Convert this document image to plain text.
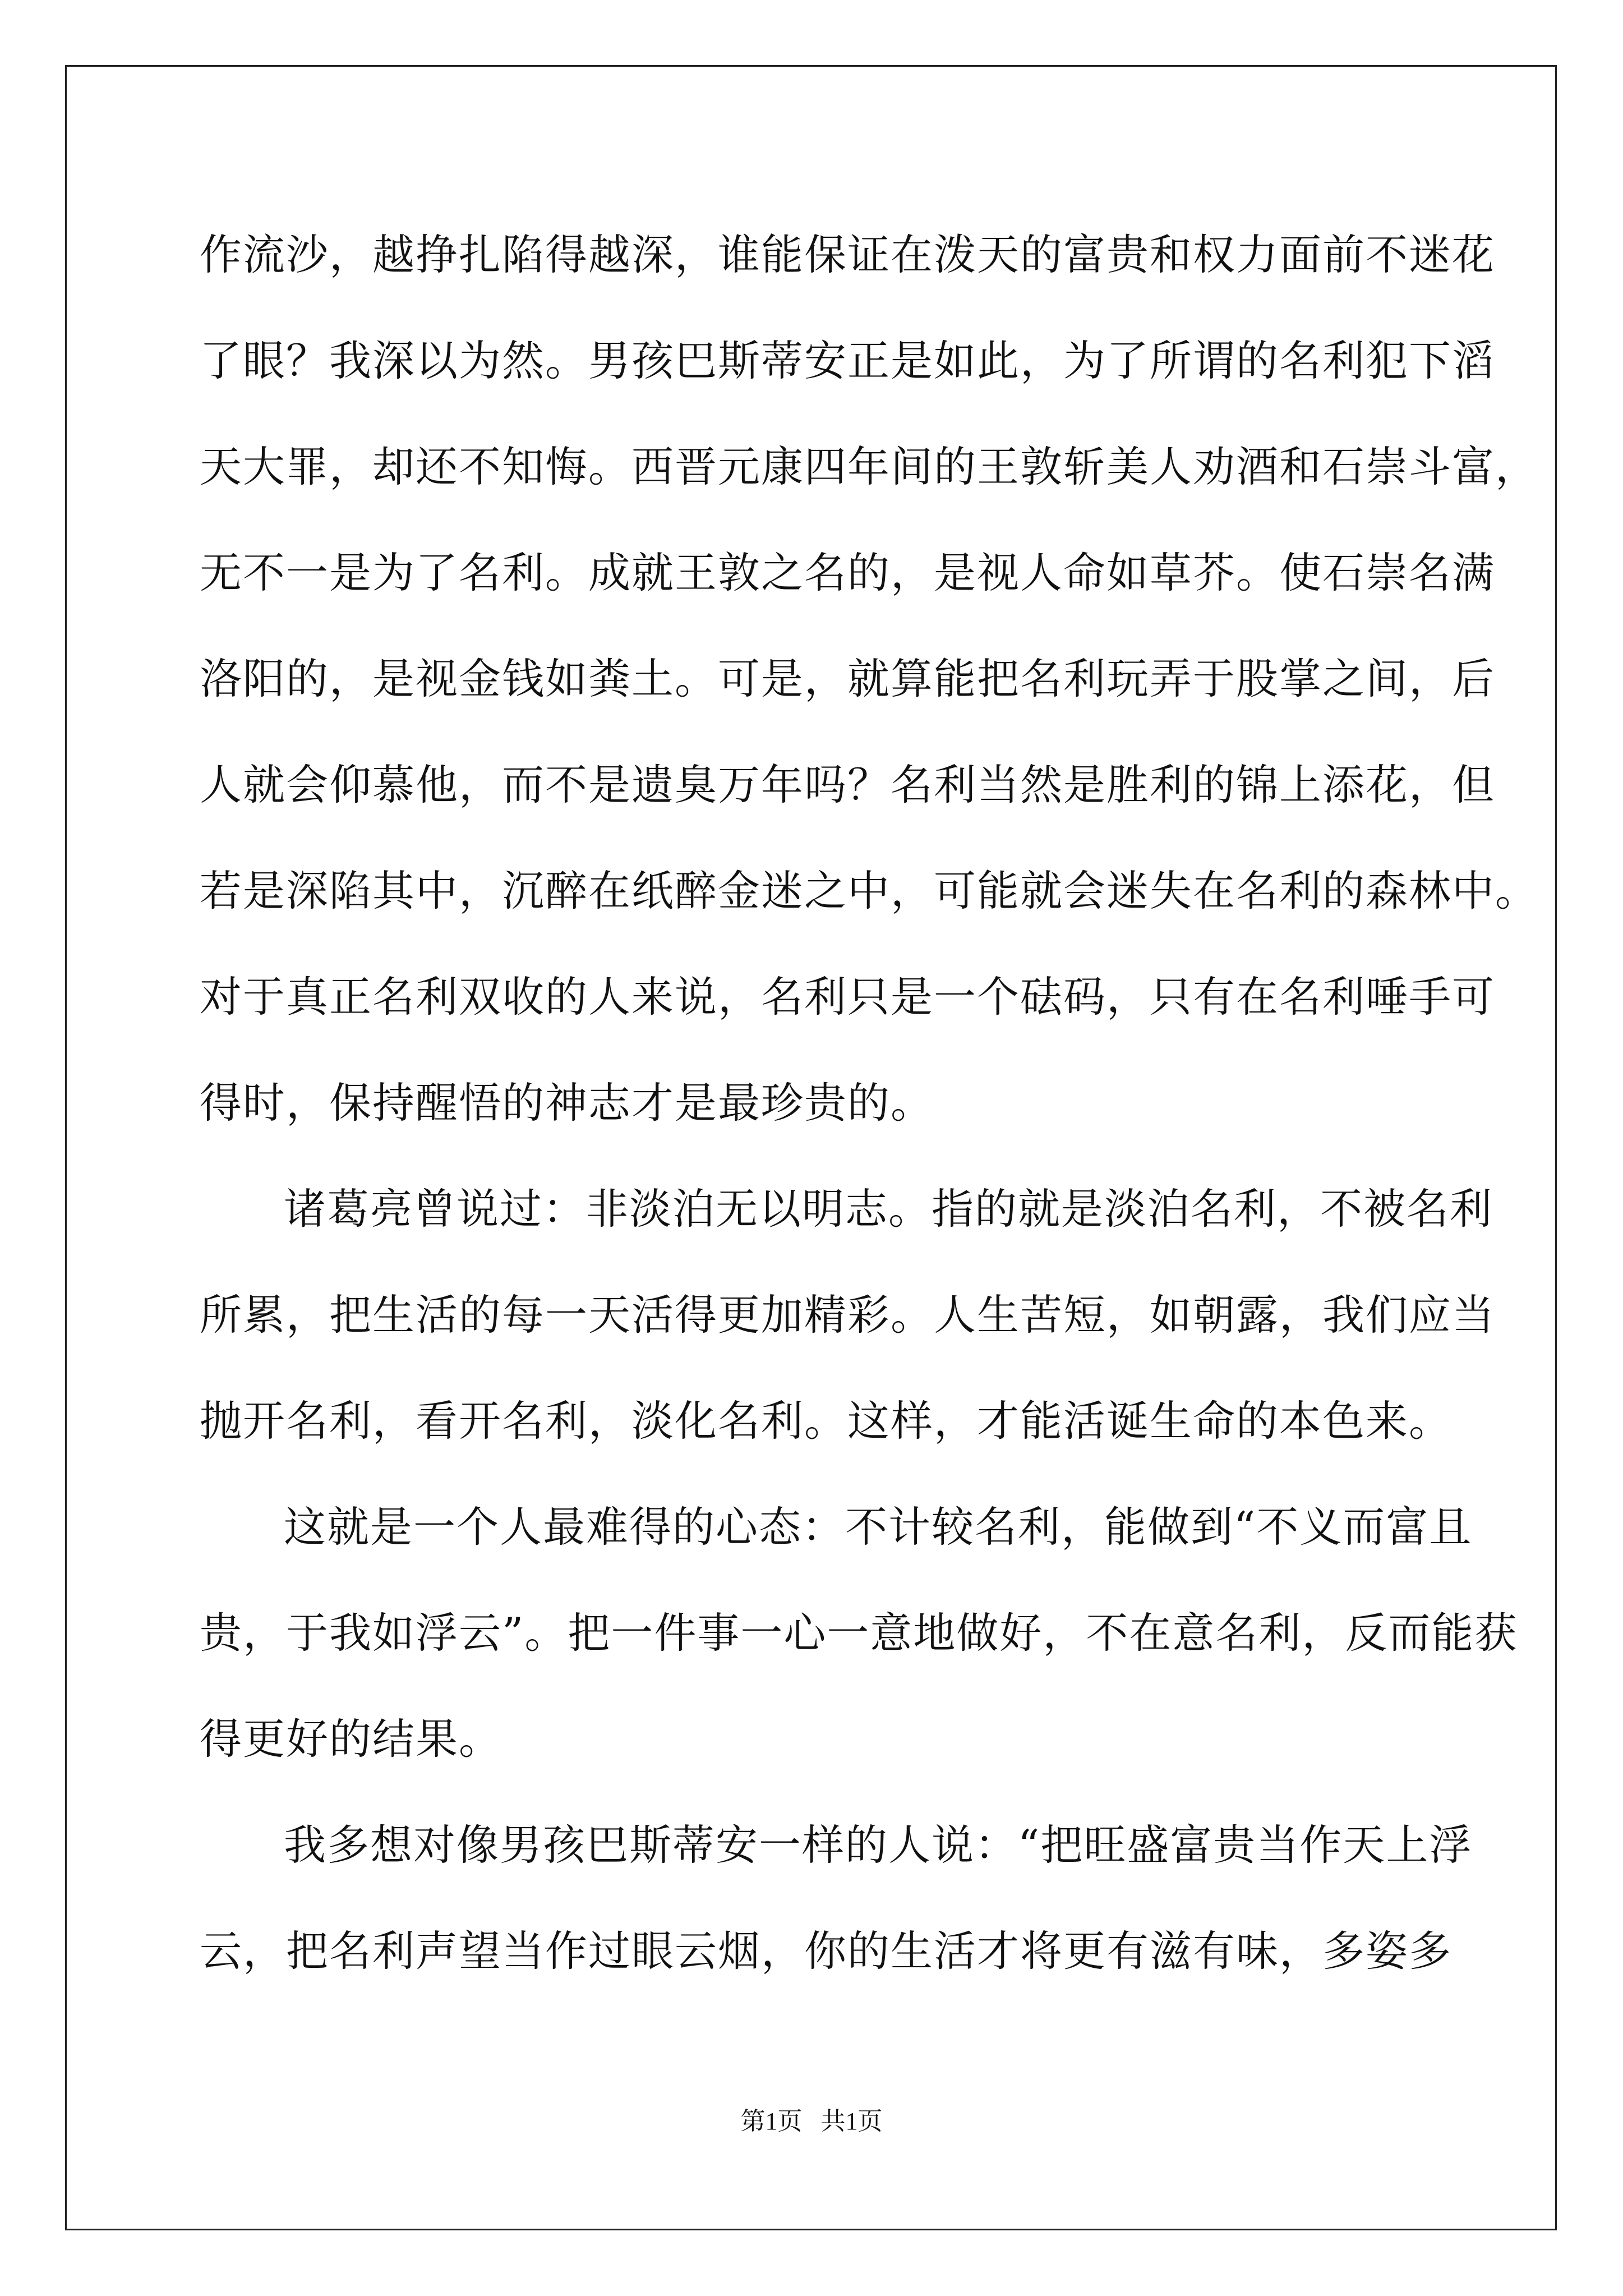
作流沙，越挣扎陷得越深，谁能保证在泼天的富贵和权力面前不迷花
了眼？我深以为然。男孩巴斯蒂安正是如此，为了所谓的名利犯下滔
天大罪，却还不知悔。西晋元康四年间的王敦斩美人劝酒和石崇斗富，
无不一是为了名利。成就王敦之名的，是视人命如草芥。使石崇名满
洛阳的，是视金钱如粪土。可是，就算能把名利玩弄于股掌之间，后
人就会仰慕他，而不是遗臭万年吗？名利当然是胜利的锦上添花，但
若是深陷其中，沉醉在纸醉金迷之中，可能就会迷失在名利的森林中。
对于真正名利双收的人来说，名利只是一个砝码，只有在名利唾手可
得时，保持醒悟的神志才是最珍贵的。
诸葛亮曾说过：非淡泊无以明志。指的就是淡泊名利，不被名利
所累，把生活的每一天活得更加精彩。人生苦短，如朝露，我们应当
抛开名利，看开名利，淡化名利。这样，才能活诞生命的本色来。
这就是一个人最难得的心态：不计较名利，能做到“不义而富且
贵，于我如浮云”。把一件事一心一意地做好，不在意名利，反而能获
得更好的结果。
我多想对像男孩巴斯蒂安一样的人说：“把旺盛富贵当作天上浮
云，把名利声望当作过眼云烟，你的生活才将更有滋有味，多姿多
第1页   共1页
